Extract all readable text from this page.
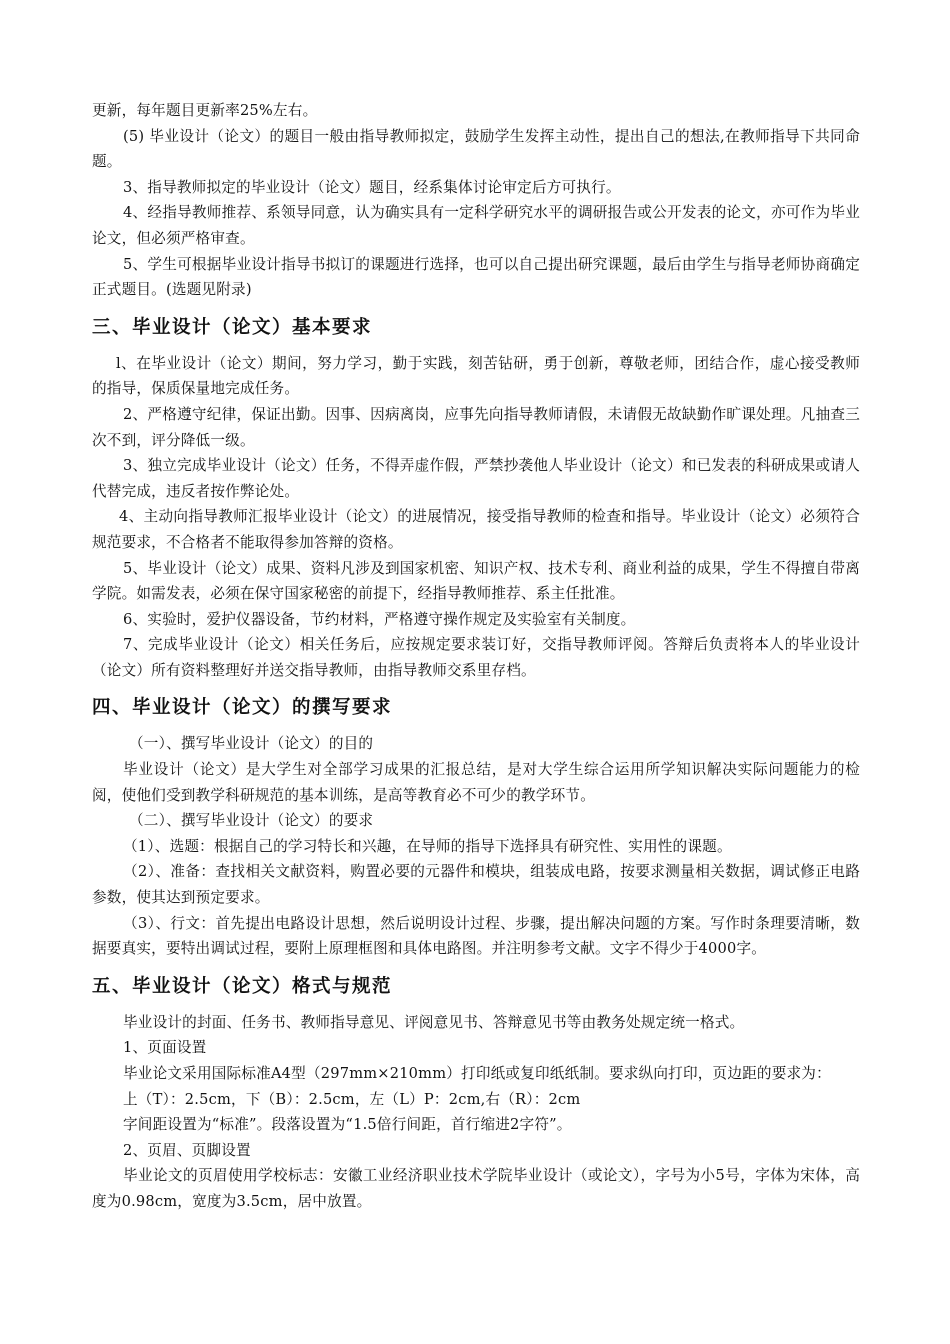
更新，每年题目更新率25%左右。

(5) 毕业设计（论文）的题目一般由指导教师拟定，鼓励学生发挥主动性，提出自己的想法,在教师指导下共同命题。

3、指导教师拟定的毕业设计（论文）题目，经系集体讨论审定后方可执行。

4、经指导教师推荐、系领导同意，认为确实具有一定科学研究水平的调研报告或公开发表的论文，亦可作为毕业论文，但必须严格审查。

5、学生可根据毕业设计指导书拟订的课题进行选择，也可以自己提出研究课题，最后由学生与指导老师协商确定正式题目。(选题见附录)

三、毕业设计（论文）基本要求

l、在毕业设计（论文）期间，努力学习，勤于实践，刻苦钻研，勇于创新，尊敬老师，团结合作，虚心接受教师的指导，保质保量地完成任务。

2、严格遵守纪律，保证出勤。因事、因病离岗，应事先向指导教师请假，未请假无故缺勤作旷课处理。凡抽查三次不到，评分降低一级。

3、独立完成毕业设计（论文）任务，不得弄虚作假，严禁抄袭他人毕业设计（论文）和已发表的科研成果或请人代替完成，违反者按作弊论处。

4、主动向指导教师汇报毕业设计（论文）的进展情况，接受指导教师的检查和指导。毕业设计（论文）必须符合规范要求，不合格者不能取得参加答辩的资格。

5、毕业设计（论文）成果、资料凡涉及到国家机密、知识产权、技术专利、商业利益的成果，学生不得擅自带离学院。如需发表，必须在保守国家秘密的前提下，经指导教师推荐、系主任批准。

6、实验时，爱护仪器设备，节约材料，严格遵守操作规定及实验室有关制度。

7、完成毕业设计（论文）相关任务后，应按规定要求装订好，交指导教师评阅。答辩后负责将本人的毕业设计（论文）所有资料整理好并送交指导教师，由指导教师交系里存档。

四、毕业设计（论文）的撰写要求

（一）、撰写毕业设计（论文）的目的

毕业设计（论文）是大学生对全部学习成果的汇报总结，是对大学生综合运用所学知识解决实际问题能力的检阅，使他们受到教学科研规范的基本训练，是高等教育必不可少的教学环节。

（二）、撰写毕业设计（论文）的要求

（1）、选题：根据自己的学习特长和兴趣，在导师的指导下选择具有研究性、实用性的课题。

（2）、准备：查找相关文献资料，购置必要的元器件和模块，组装成电路，按要求测量相关数据，调试修正电路参数，使其达到预定要求。

（3）、行文：首先提出电路设计思想，然后说明设计过程、步骤，提出解决问题的方案。写作时条理要清晰，数据要真实，要特出调试过程，要附上原理框图和具体电路图。并注明参考文献。文字不得少于4000字。

五、毕业设计（论文）格式与规范

毕业设计的封面、任务书、教师指导意见、评阅意见书、答辩意见书等由教务处规定统一格式。

1、页面设置

毕业论文采用国际标准A4型（297mm×210mm）打印纸或复印纸纸制。要求纵向打印，页边距的要求为：

上（T）：2.5cm，下（B）：2.5cm，左（L）P：2cm,右（R）：2cm

字间距设置为“标准”。段落设置为“1.5倍行间距，首行缩进2字符”。

2、页眉、页脚设置

毕业论文的页眉使用学校标志：安徽工业经济职业技术学院毕业设计（或论文），字号为小5号，字体为宋体，高度为0.98cm，宽度为3.5cm，居中放置。
